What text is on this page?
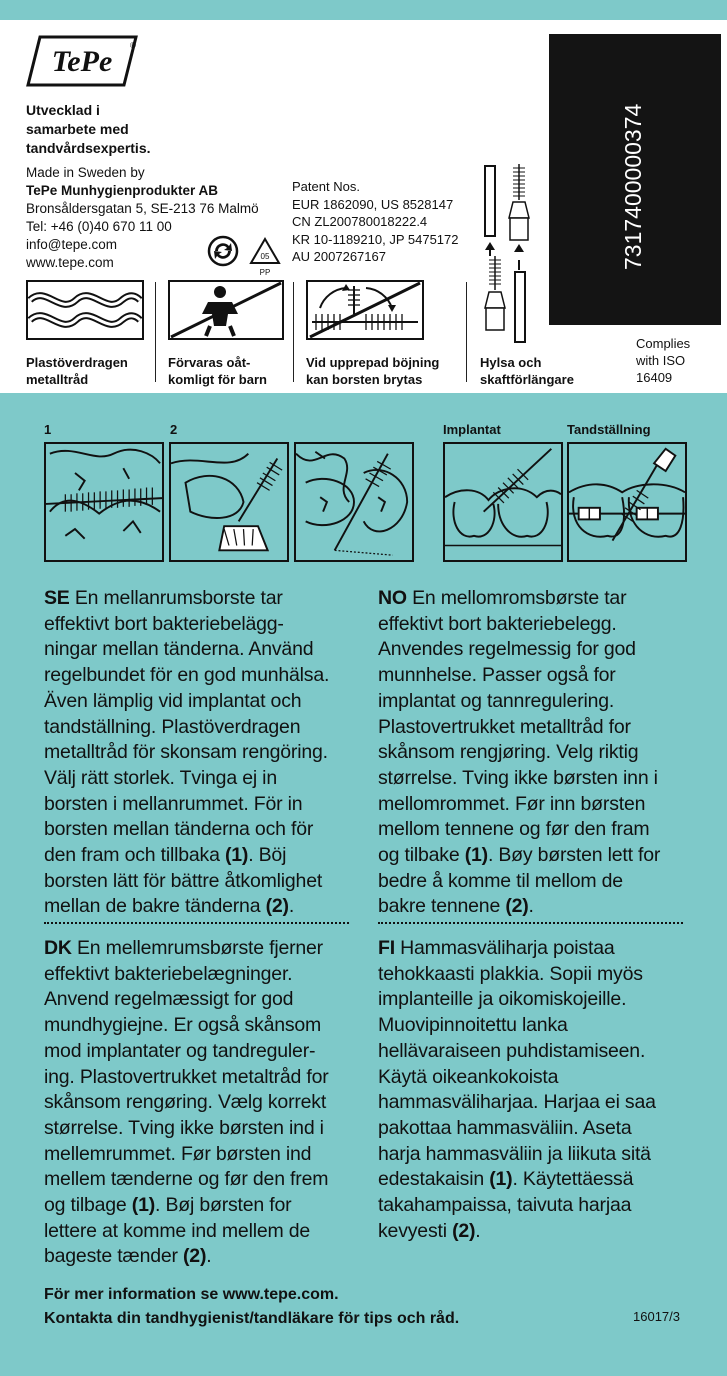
TePe ®
Utvecklad i
samarbete med
tandvårdsexpertis.
Made in Sweden by
TePe Munhygienprodukter AB
Bronsåldersgatan 5, SE-213 76 Malmö
Tel: +46 (0)40 670 11 00
info@tepe.com
www.tepe.com
Patent Nos.
EUR 1862090, US 8528147
CN ZL200780018222.4
KR 10-1189210, JP 5475172
AU 2007267167
05
PP
7317400000374
Complies
with ISO
16409
Plastöverdragen
metalltråd
Förvaras oåt-
komligt för barn
Vid upprepad böjning
kan borsten brytas
Hylsa och
skaftförlängare
1	2	Implantat	Tandställning
SE En mellanrumsborste tar
effektivt bort bakteriebelägg-
ningar mellan tänderna. Använd
regelbundet för en god munhälsa.
Även lämplig vid implantat och
tandställning. Plastöverdragen
metalltråd för skonsam rengöring.
Välj rätt storlek. Tvinga ej in
borsten i mellanrummet. För in
borsten mellan tänderna och för
den fram och tillbaka (1). Böj
borsten lätt för bättre åtkomlighet
mellan de bakre tänderna (2).
NO En mellomromsbørste tar
effektivt bort bakteriebelegg.
Anvendes regelmessig for god
munnhelse. Passer også for
implantat og tannregulering.
Plastovertrukket metalltråd for
skånsom rengjøring. Velg riktig
størrelse. Tving ikke børsten inn i
mellomrommet. Før inn børsten
mellom tennene og før den fram
og tilbake (1). Bøy børsten lett for
bedre å komme til mellom de
bakre tennene (2).
DK En mellemrumsbørste fjerner
effektivt bakteriebelægninger.
Anvend regelmæssigt for god
mundhygiejne. Er også skånsom
mod implantater og tandreguler-
ing. Plastovertrukket metaltråd for
skånsom rengøring. Vælg korrekt
størrelse. Tving ikke børsten ind i
mellemrummet. Før børsten ind
mellem tænderne og før den frem
og tilbage (1). Bøj børsten for
lettere at komme ind mellem de
bageste tænder (2).
FI Hammasväliharja poistaa
tehokkaasti plakkia. Sopii myös
implanteille ja oikomiskojeille.
Muovipinnoitettu lanka
hellävaraiseen puhdistamiseen.
Käytä oikeankokoista
hammasväliharjaa. Harjaa ei saa
pakottaa hammasväliin. Aseta
harja hammasväliin ja liikuta sitä
edestakaisin (1). Käytettäessä
takahampaissa, taivuta harjaa
kevyesti (2).
För mer information se www.tepe.com.
Kontakta din tandhygienist/tandläkare för tips och råd.	16017/3
